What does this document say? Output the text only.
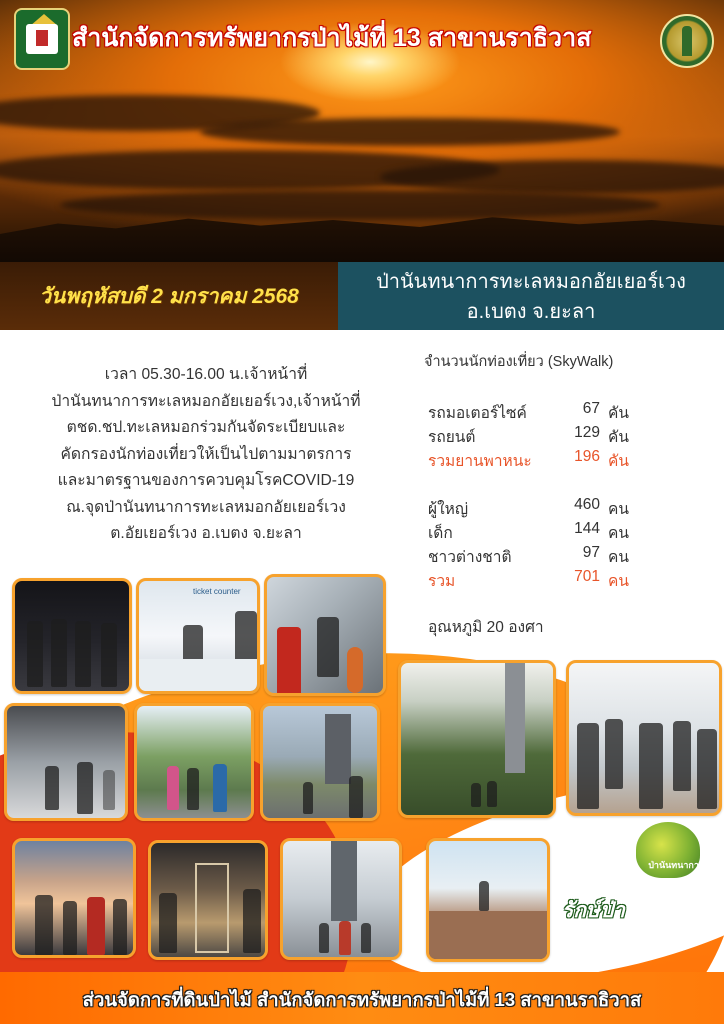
สำนักจัดการทรัพยากรป่าไม้ที่ 13 สาขานราธิวาส
วันพฤหัสบดี 2 มกราคม 2568
ป่านันทนาการทะเลหมอกอัยเยอร์เวง
อ.เบตง จ.ยะลา
เวลา 05.30-16.00 น.เจ้าหน้าที่
ป่านันทนาการทะเลหมอกอัยเยอร์เวง,เจ้าหน้าที่
ตชด.ชป.ทะเลหมอกร่วมกันจัดระเบียบและ
คัดกรองนักท่องเที่ยวให้เป็นไปตามมาตรการ
และมาตรฐานของการควบคุมโรคCOVID-19
ณ.จุดป่านันทนาการทะเลหมอกอัยเยอร์เวง
ต.อัยเยอร์เวง อ.เบตง จ.ยะลา
จำนวนนักท่องเที่ยว (SkyWalk)
รถมอเตอร์ไซค์	67 คัน
รถยนต์	129 คัน
รวมยานพาหนะ	196 คัน
ผู้ใหญ่	460 คน
เด็ก	144 คน
ชาวต่างชาติ	97 คน
รวม	701 คน
อุณหภูมิ 20 องศา
ticket counter
ป่านันทนาการ
รักษ์ป่า
รักษาสรรพ ชีวิต
ส่วนจัดการที่ดินป่าไม้ สำนักจัดการทรัพยากรป่าไม้ที่ 13 สาขานราธิวาส
